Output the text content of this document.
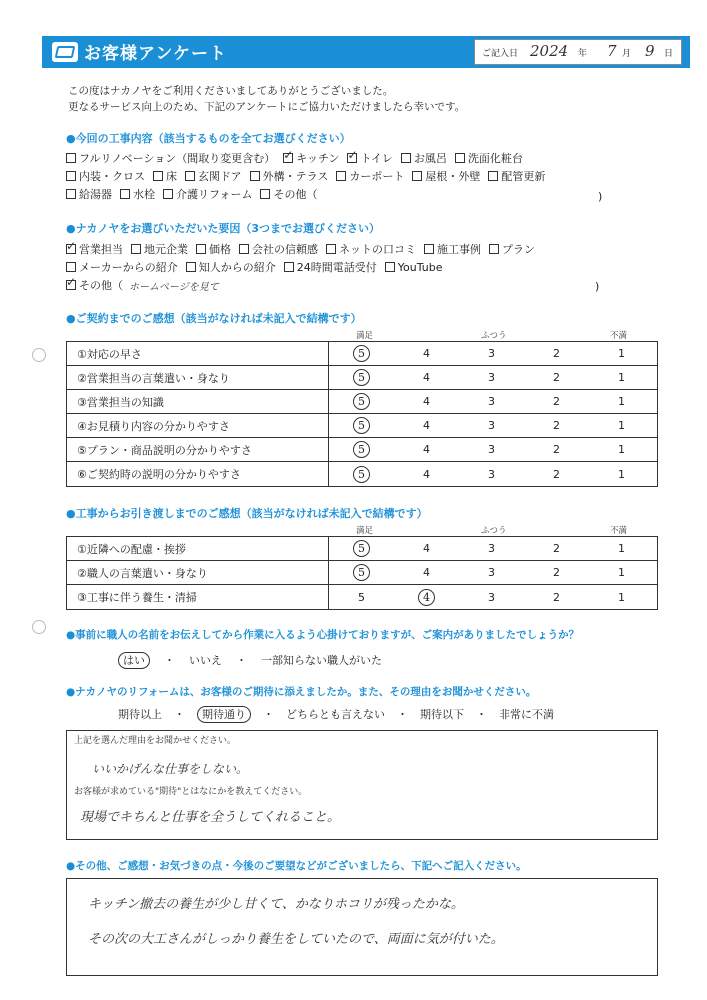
お客様アンケート	ご記入日 2024 年 7 月 9 日
この度はナカノヤをご利用くださいましてありがとうございました。
更なるサービス向上のため、下記のアンケートにご協力いただけましたら幸いです。
●今回の工事内容（該当するものを全てお選びください）
フルリノベーション（間取り変更含む） ✓ キッチン ✓ トイレ お風呂 洗面化粧台
内装・クロス 床 玄関ドア 外構・テラス カーポート 屋根・外壁 配管更新
給湯器 水栓 介護リフォーム その他（	)
●ナカノヤをお選びいただいた要因（3つまでお選びください）
✓
営業担当 地元企業 価格 会社の信頼感 ネットの口コミ 施工事例 プラン
メーカーからの紹介 知人からの紹介 24時間電話受付 YouTube
✓
その他（ ホームページを見て	)
●ご契約までのご感想（該当がなければ未記入で結構です）
満足	ふつう	不満
①対応の早さ	5	4	3	2	1
②営業担当の言葉遣い・身なり	5	4	3	2	1
③営業担当の知識	5	4	3	2	1
④お見積り内容の分かりやすさ	5	4	3	2	1
⑤プラン・商品説明の分かりやすさ	5	4	3	2	1
⑥ご契約時の説明の分かりやすさ	5	4	3	2	1
●工事からお引き渡しまでのご感想（該当がなければ未記入で結構です）
満足	ふつう	不満
①近隣への配慮・挨拶	5	4	3	2	1
②職人の言葉遣い・身なり	5	4	3	2	1
③工事に伴う養生・清掃	5	4	3	2	1
●事前に職人の名前をお伝えしてから作業に入るよう心掛けておりますが、ご案内がありましたでしょうか？
はい ・ いいえ ・ 一部知らない職人がいた
●ナカノヤのリフォームは、お客様のご期待に添えましたか。また、その理由をお聞かせください。
期待以上 ・ 期待通り ・ どちらとも言えない ・ 期待以下 ・ 非常に不満
上記を選んだ理由をお聞かせください。
いいかげんな仕事をしない。
お客様が求めている"期待"とはなにかを教えてください。
現場でキちんと仕事を全うしてくれること。
●その他、ご感想・お気づきの点・今後のご要望などがございましたら、下記へご記入ください。
キッチン撤去の養生が少し甘くて、かなりホコリが残ったかな。
その次の大工さんがしっかり養生をしていたので、両面に気が付いた。
